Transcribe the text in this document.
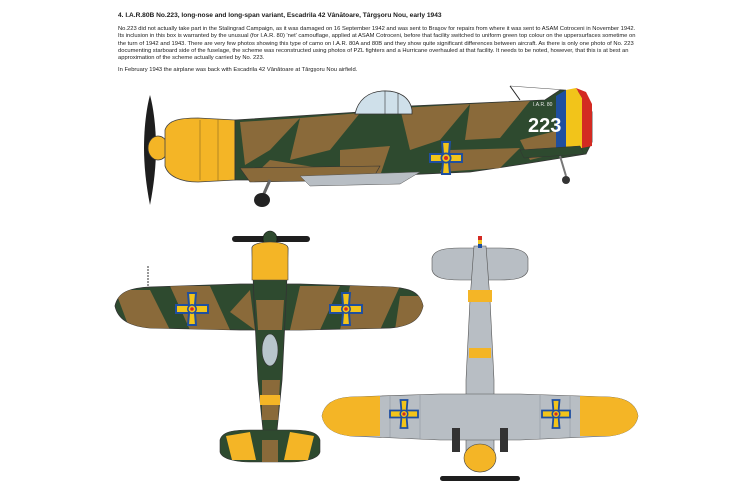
4. I.A.R.80B No.223, long-nose and long-span variant, Escadrila 42 Vânătoare, Târgşoru Nou, early 1943
No.223 did not actually take part in the Stalingrad Campaign, as it was damaged on 16 September 1942 and was sent to Braşov for repairs from where it was sent to ASAM Cotroceni in November 1942. Its inclusion in this box is warranted by the unusual (for I.A.R. 80) 'net' camouflage, applied at ASAM Cotroceni, before that facility switched to uniform green top colour on the uppersurfaces sometime on the turn of 1942 and 1943. There are very few photos showing this type of camo on I.A.R. 80A and 80B and they show quite significant differences between aircraft. As there is only one photo of No. 223 documenting starboard side of the fuselage, the scheme was reconstructed using photos of PZL fighters and a Hurricane overhauled at that facility. It needs to be noted, however, that this is at best an approximation of the scheme actually carried by No. 223.
In February 1943 the airplane was back with Escadrila 42 Vânătoare at Târgşoru Nou airfield.
I.A.R. 80
223
